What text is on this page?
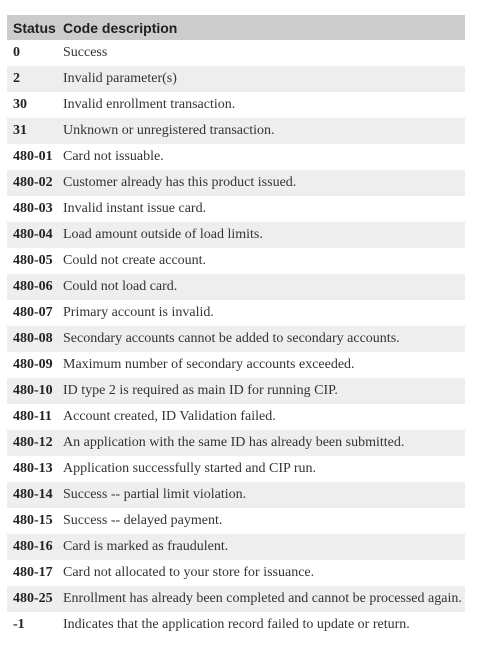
Status	Code description
0	Success
2	Invalid parameter(s)
30	Invalid enrollment transaction.
31	Unknown or unregistered transaction.
480-01	Card not issuable.
480-02	Customer already has this product issued.
480-03	Invalid instant issue card.
480-04	Load amount outside of load limits.
480-05	Could not create account.
480-06	Could not load card.
480-07	Primary account is invalid.
480-08	Secondary accounts cannot be added to secondary accounts.
480-09	Maximum number of secondary accounts exceeded.
480-10	ID type 2 is required as main ID for running CIP.
480-11	Account created, ID Validation failed.
480-12	An application with the same ID has already been submitted.
480-13	Application successfully started and CIP run.
480-14	Success -- partial limit violation.
480-15	Success -- delayed payment.
480-16	Card is marked as fraudulent.
480-17	Card not allocated to your store for issuance.
480-25	Enrollment has already been completed and cannot be processed again.
-1	Indicates that the application record failed to update or return.
